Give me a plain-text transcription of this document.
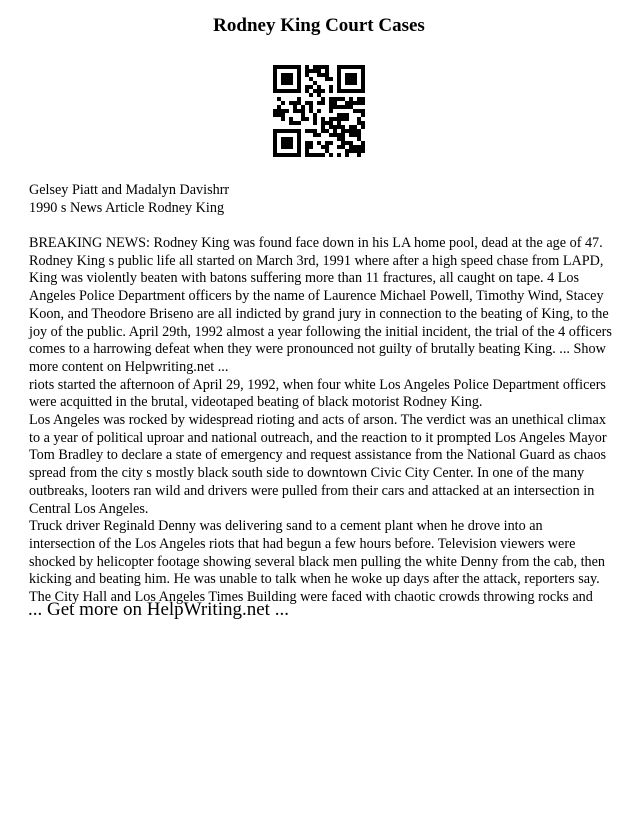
Rodney King Court Cases
Gelsey Piatt and Madalyn Davishrr
1990 s News Article Rodney King

BREAKING NEWS: Rodney King was found face down in his LA home pool, dead at the age of 47. Rodney King s public life all started on March 3rd, 1991 where after a high speed chase from LAPD, King was violently beaten with batons suffering more than 11 fractures, all caught on tape. 4 Los Angeles Police Department officers by the name of Laurence Michael Powell, Timothy Wind, Stacey Koon, and Theodore Briseno are all indicted by grand jury in connection to the beating of King, to the joy of the public. April 29th, 1992 almost a year following the initial incident, the trial of the 4 officers comes to a harrowing defeat when they were pronounced not guilty of brutally beating King. ... Show more content on Helpwriting.net ...

riots started the afternoon of April 29, 1992, when four white Los Angeles Police Department officers were acquitted in the brutal, videotaped beating of black motorist Rodney King.

Los Angeles was rocked by widespread rioting and acts of arson. The verdict was an unethical climax to a year of political uproar and national outreach, and the reaction to it prompted Los Angeles Mayor Tom Bradley to declare a state of emergency and request assistance from the National Guard as chaos spread from the city s mostly black south side to downtown Civic City Center. In one of the many outbreaks, looters ran wild and drivers were pulled from their cars and attacked at an intersection in Central Los Angeles.

Truck driver Reginald Denny was delivering sand to a cement plant when he drove into an intersection of the Los Angeles riots that had begun a few hours before. Television viewers were shocked by helicopter footage showing several black men pulling the white Denny from the cab, then kicking and beating him. He was unable to talk when he woke up days after the attack, reporters say.

The City Hall and Los Angeles Times Building were faced with chaotic crowds throwing rocks and

... Get more on HelpWriting.net ...
